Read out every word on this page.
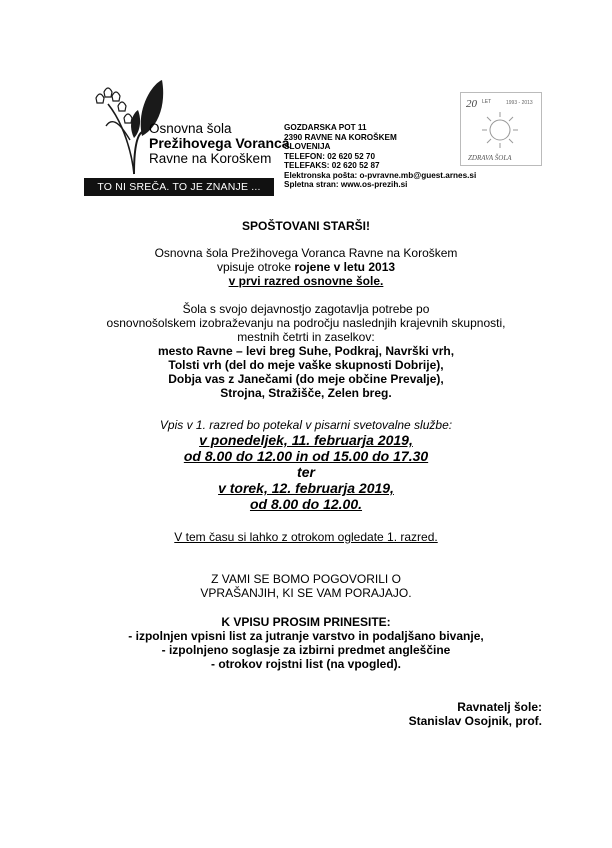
Osnovna šola
Prežihovega Voranca
Ravne na Koroškem
TO NI SREČA. TO JE ZNANJE ...
GOZDARSKA POT 11
2390 RAVNE NA KOROŠKEM
SLOVENIJA
TELEFON: 02 620 52 70
TELEFAKS: 02 620 52 87
Elektronska pošta: o-pvravne.mb@guest.arnes.si
Spletna stran: www.os-prezih.si
20 LET	1993 - 2013
ZDRAVA ŠOLA
SPOŠTOVANI STARŠI!
Osnovna šola Prežihovega Voranca Ravne na Koroškem
vpisuje otroke rojene v letu 2013
v prvi razred osnovne šole.
Šola s svojo dejavnostjo zagotavlja potrebe po
osnovnošolskem izobraževanju na področju naslednjih krajevnih skupnosti,
mestnih četrti in zaselkov:
mesto Ravne – levi breg Suhe, Podkraj, Navrški vrh,
Tolsti vrh (del do meje vaške skupnosti Dobrije),
Dobja vas z Janečami (do meje občine Prevalje),
Strojna, Stražišče, Zelen breg.
Vpis v 1. razred bo potekal v pisarni svetovalne službe:
v ponedeljek, 11. februarja 2019,
od 8.00 do 12.00 in od 15.00 do 17.30
ter
v torek, 12. februarja 2019,
od 8.00 do 12.00.
V tem času si lahko z otrokom ogledate 1. razred.
Z VAMI SE BOMO POGOVORILI O
VPRAŠANJIH, KI SE VAM PORAJAJO.
K VPISU PROSIM PRINESITE:
- izpolnjen vpisni list za jutranje varstvo in podaljšano bivanje,
- izpolnjeno soglasje za izbirni predmet angleščine
- otrokov rojstni list (na vpogled).
Ravnatelj šole:
Stanislav Osojnik, prof.
